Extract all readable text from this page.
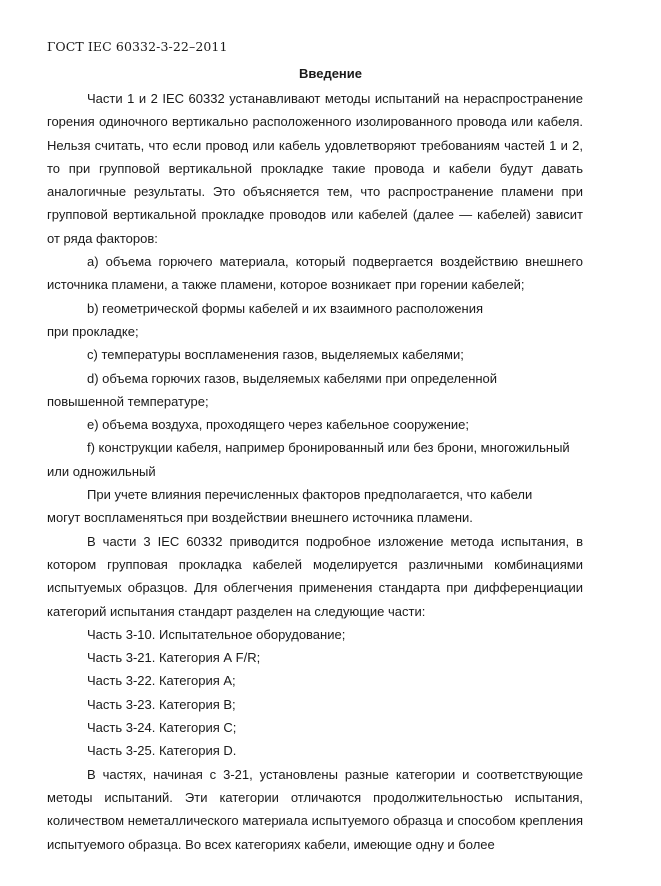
ГОСТ IEC 60332-3-22–2011
Введение

Части 1 и 2 IEC 60332 устанавливают методы испытаний на нераспространение горения одиночного вертикально расположенного изолированного провода или кабеля. Нельзя считать, что если провод или кабель удовлетворяют требованиям частей 1 и 2, то при групповой вертикальной прокладке такие провода и кабели будут давать аналогичные результаты. Это объясняется тем, что распространение пламени при групповой вертикальной прокладке проводов или кабелей (далее — кабелей) зависит от ряда факторов:

a) объема горючего материала, который подвергается воздействию внешнего источника пламени, а также пламени, которое возникает при горении кабелей;

b) геометрической формы кабелей и их взаимного расположения при прокладке;

c) температуры воспламенения газов, выделяемых кабелями;

d) объема горючих газов, выделяемых кабелями при определенной повышенной температуре;

e) объема воздуха, проходящего через кабельное сооружение;

f) конструкции кабеля, например бронированный или без брони, многожильный или одножильный

При учете влияния перечисленных факторов предполагается, что кабели могут воспламеняться при воздействии внешнего источника пламени.

В части 3 IEC 60332 приводится подробное изложение метода испытания, в котором групповая прокладка кабелей моделируется различными комбинациями испытуемых образцов. Для облегчения применения стандарта при дифференциации категорий испытания стандарт разделен на следующие части:

Часть 3-10. Испытательное оборудование;

Часть 3-21. Категория А F/R;

Часть 3-22. Категория А;

Часть 3-23. Категория В;

Часть 3-24. Категория С;

Часть 3-25. Категория D.

В частях, начиная с 3-21, установлены разные категории и соответствующие методы испытаний. Эти категории отличаются продолжительностью испытания, количеством неметаллического материала испытуемого образца и способом крепления испытуемого образца. Во всех категориях кабели, имеющие одну и более
